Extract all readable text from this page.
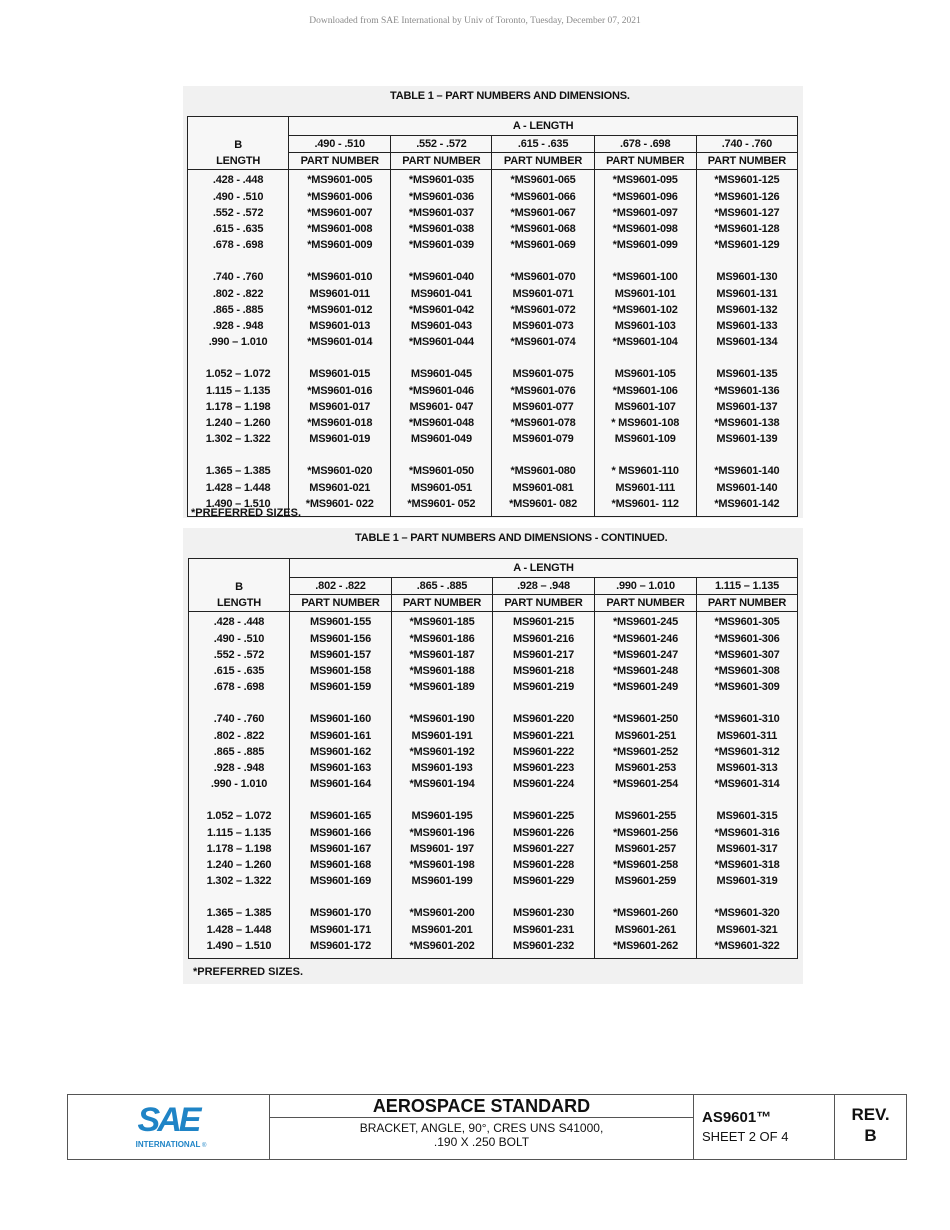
Downloaded from SAE International by Univ of Toronto, Tuesday, December 07, 2021
TABLE 1 – PART NUMBERS AND DIMENSIONS.
B	A - LENGTH				
	.490 - .510	.552 - .572	.615 - .635	.678 - .698	.740 - .760
LENGTH	PART NUMBER	PART NUMBER	PART NUMBER	PART NUMBER	PART NUMBER
.428 - .448	*MS9601-005	*MS9601-035	*MS9601-065	*MS9601-095	*MS9601-125
.490 - .510	*MS9601-006	*MS9601-036	*MS9601-066	*MS9601-096	*MS9601-126
.552 - .572	*MS9601-007	*MS9601-037	*MS9601-067	*MS9601-097	*MS9601-127
.615 - .635	*MS9601-008	*MS9601-038	*MS9601-068	*MS9601-098	*MS9601-128
.678 - .698	*MS9601-009	*MS9601-039	*MS9601-069	*MS9601-099	*MS9601-129

.740 - .760	*MS9601-010	*MS9601-040	*MS9601-070	*MS9601-100	MS9601-130
.802 - .822	MS9601-011	MS9601-041	MS9601-071	MS9601-101	MS9601-131
.865 - .885	*MS9601-012	*MS9601-042	*MS9601-072	*MS9601-102	MS9601-132
.928 - .948	MS9601-013	MS9601-043	MS9601-073	MS9601-103	MS9601-133
.990 – 1.010	*MS9601-014	*MS9601-044	*MS9601-074	*MS9601-104	MS9601-134

1.052 – 1.072	MS9601-015	MS9601-045	MS9601-075	MS9601-105	MS9601-135
1.115 – 1.135	*MS9601-016	*MS9601-046	*MS9601-076	*MS9601-106	*MS9601-136
1.178 – 1.198	MS9601-017	MS9601- 047	MS9601-077	MS9601-107	MS9601-137
1.240 – 1.260	*MS9601-018	*MS9601-048	*MS9601-078	* MS9601-108	*MS9601-138
1.302 – 1.322	MS9601-019	MS9601-049	MS9601-079	MS9601-109	MS9601-139

1.365 – 1.385	*MS9601-020	*MS9601-050	*MS9601-080	* MS9601-110	*MS9601-140
1.428 – 1.448	MS9601-021	MS9601-051	MS9601-081	MS9601-111	MS9601-140
1.490 – 1.510	*MS9601- 022	*MS9601- 052	*MS9601- 082	*MS9601- 112	*MS9601-142
*PREFERRED SIZES.
TABLE 1 – PART NUMBERS AND DIMENSIONS - CONTINUED.
B	A - LENGTH				
	.802 - .822	.865 - .885	.928 – .948	.990 – 1.010	1.115 – 1.135
LENGTH	PART NUMBER	PART NUMBER	PART NUMBER	PART NUMBER	PART NUMBER
.428 - .448	MS9601-155	*MS9601-185	MS9601-215	*MS9601-245	*MS9601-305
.490 - .510	MS9601-156	*MS9601-186	MS9601-216	*MS9601-246	*MS9601-306
.552 - .572	MS9601-157	*MS9601-187	MS9601-217	*MS9601-247	*MS9601-307
.615 - .635	MS9601-158	*MS9601-188	MS9601-218	*MS9601-248	*MS9601-308
.678 - .698	MS9601-159	*MS9601-189	MS9601-219	*MS9601-249	*MS9601-309

.740 - .760	MS9601-160	*MS9601-190	MS9601-220	*MS9601-250	*MS9601-310
.802 - .822	MS9601-161	MS9601-191	MS9601-221	MS9601-251	MS9601-311
.865 - .885	MS9601-162	*MS9601-192	MS9601-222	*MS9601-252	*MS9601-312
.928 - .948	MS9601-163	MS9601-193	MS9601-223	MS9601-253	MS9601-313
.990 - 1.010	MS9601-164	*MS9601-194	MS9601-224	*MS9601-254	*MS9601-314

1.052 – 1.072	MS9601-165	MS9601-195	MS9601-225	MS9601-255	MS9601-315
1.115 – 1.135	MS9601-166	*MS9601-196	MS9601-226	*MS9601-256	*MS9601-316
1.178 – 1.198	MS9601-167	MS9601- 197	MS9601-227	MS9601-257	MS9601-317
1.240 – 1.260	MS9601-168	*MS9601-198	MS9601-228	*MS9601-258	*MS9601-318
1.302 – 1.322	MS9601-169	MS9601-199	MS9601-229	MS9601-259	MS9601-319

1.365 – 1.385	MS9601-170	*MS9601-200	MS9601-230	*MS9601-260	*MS9601-320
1.428 – 1.448	MS9601-171	MS9601-201	MS9601-231	MS9601-261	MS9601-321
1.490 – 1.510	MS9601-172	*MS9601-202	MS9601-232	*MS9601-262	*MS9601-322
*PREFERRED SIZES.
SAE
INTERNATIONAL ®
AEROSPACE STANDARD
BRACKET, ANGLE, 90°, CRES UNS S41000,
.190 X .250 BOLT
AS9601™
SHEET 2 OF 4
REV.
B
